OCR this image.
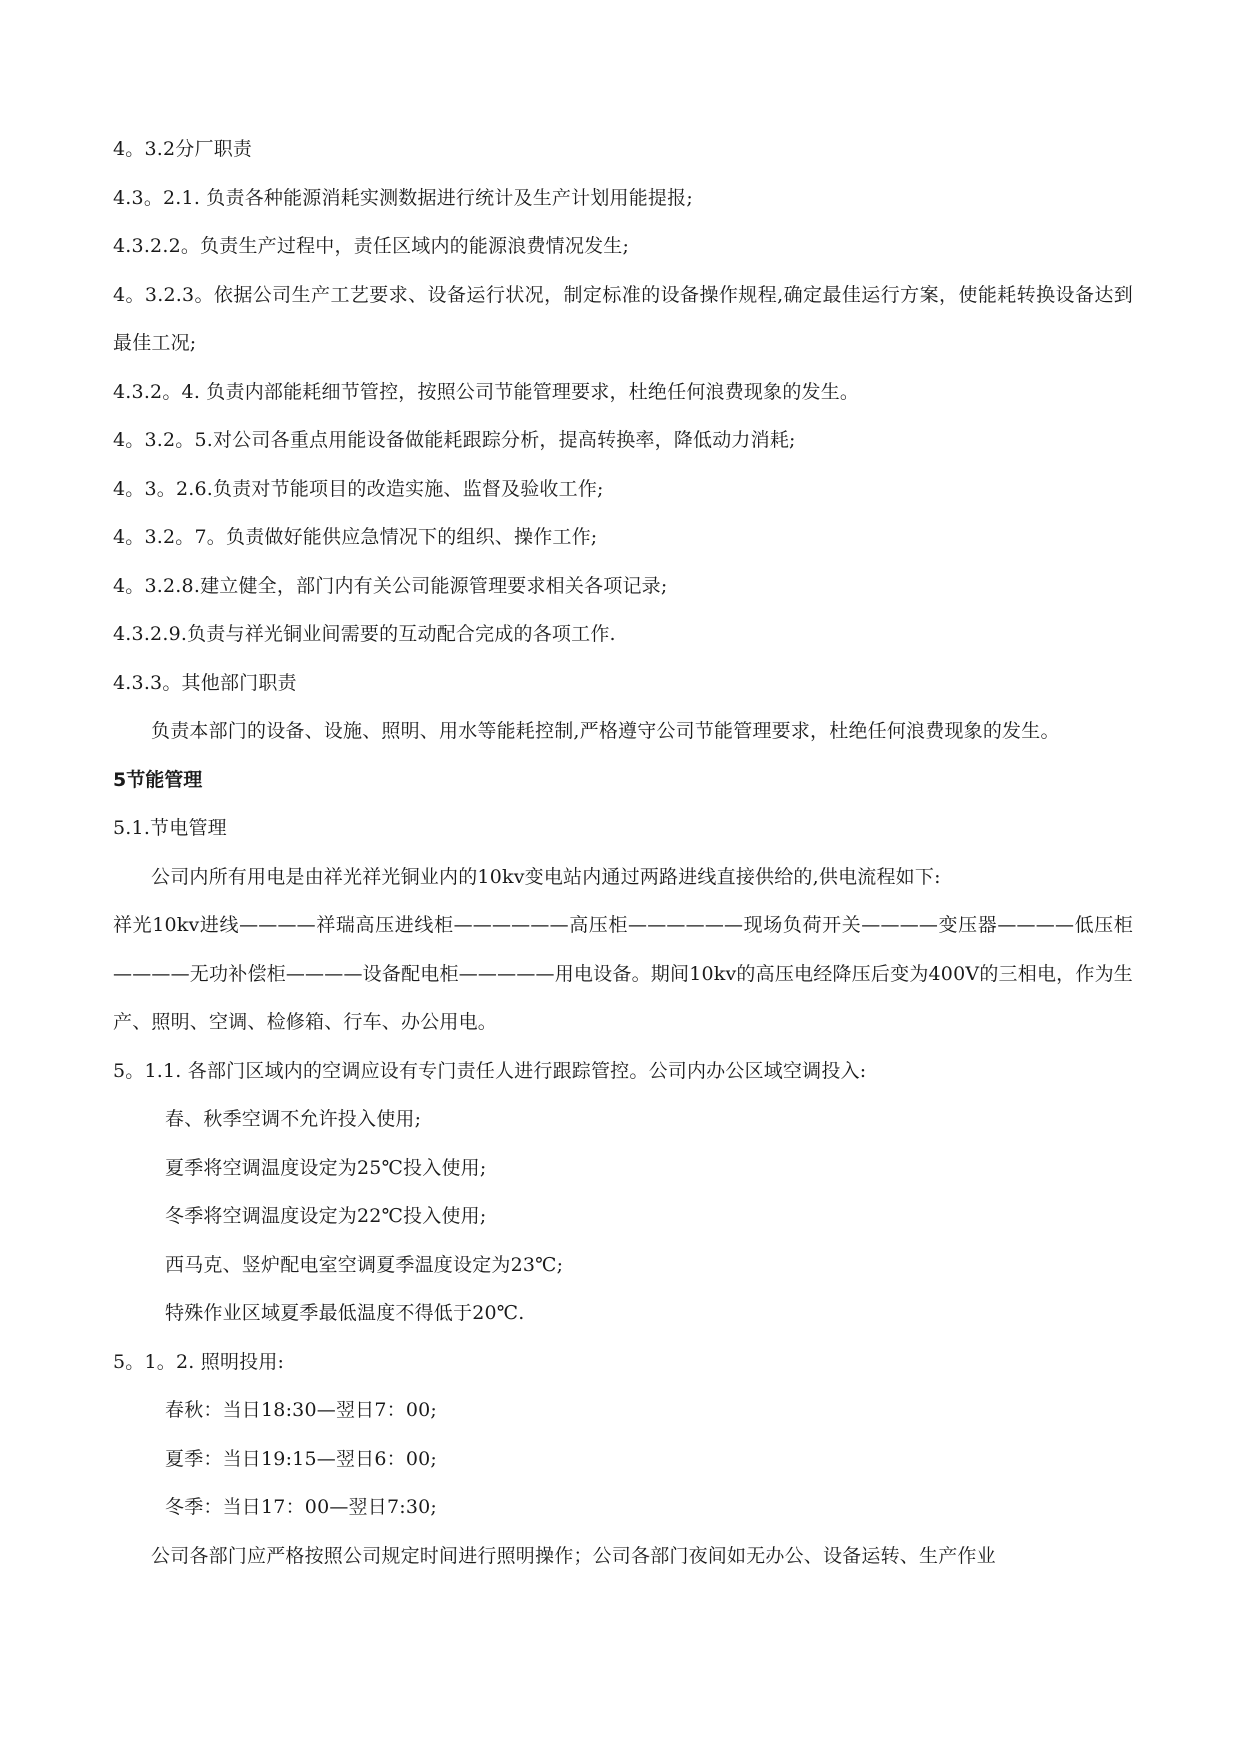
4。3.2分厂职责
4.3。2.1. 负责各种能源消耗实测数据进行统计及生产计划用能提报;
4.3.2.2。负责生产过程中，责任区域内的能源浪费情况发生;
4。3.2.3。依据公司生产工艺要求、设备运行状况，制定标准的设备操作规程,确定最佳运行方案，使能耗转换设备达到最佳工况;
4.3.2。4. 负责内部能耗细节管控，按照公司节能管理要求，杜绝任何浪费现象的发生。
4。3.2。5.对公司各重点用能设备做能耗跟踪分析，提高转换率，降低动力消耗;
4。3。2.6.负责对节能项目的改造实施、监督及验收工作;
4。3.2。7。负责做好能供应急情况下的组织、操作工作;
4。3.2.8.建立健全，部门内有关公司能源管理要求相关各项记录;
4.3.2.9.负责与祥光铜业间需要的互动配合完成的各项工作.
4.3.3。其他部门职责
负责本部门的设备、设施、照明、用水等能耗控制,严格遵守公司节能管理要求，杜绝任何浪费现象的发生。
5节能管理
5.1.节电管理
公司内所有用电是由祥光祥光铜业内的10kv变电站内通过两路进线直接供给的,供电流程如下:
祥光10kv进线————祥瑞高压进线柜——————高压柜——————现场负荷开关————变压器————低压柜————无功补偿柜————设备配电柜—————用电设备。期间10kv的高压电经降压后变为400V的三相电，作为生产、照明、空调、检修箱、行车、办公用电。
5。1.1. 各部门区域内的空调应设有专门责任人进行跟踪管控。公司内办公区域空调投入:
春、秋季空调不允许投入使用;
夏季将空调温度设定为25℃投入使用;
冬季将空调温度设定为22℃投入使用;
西马克、竖炉配电室空调夏季温度设定为23℃;
特殊作业区域夏季最低温度不得低于20℃.
5。1。2. 照明投用:
春秋：当日18:30—翌日7：00;
夏季：当日19:15—翌日6：00;
冬季：当日17：00—翌日7:30;
公司各部门应严格按照公司规定时间进行照明操作；公司各部门夜间如无办公、设备运转、生产作业
